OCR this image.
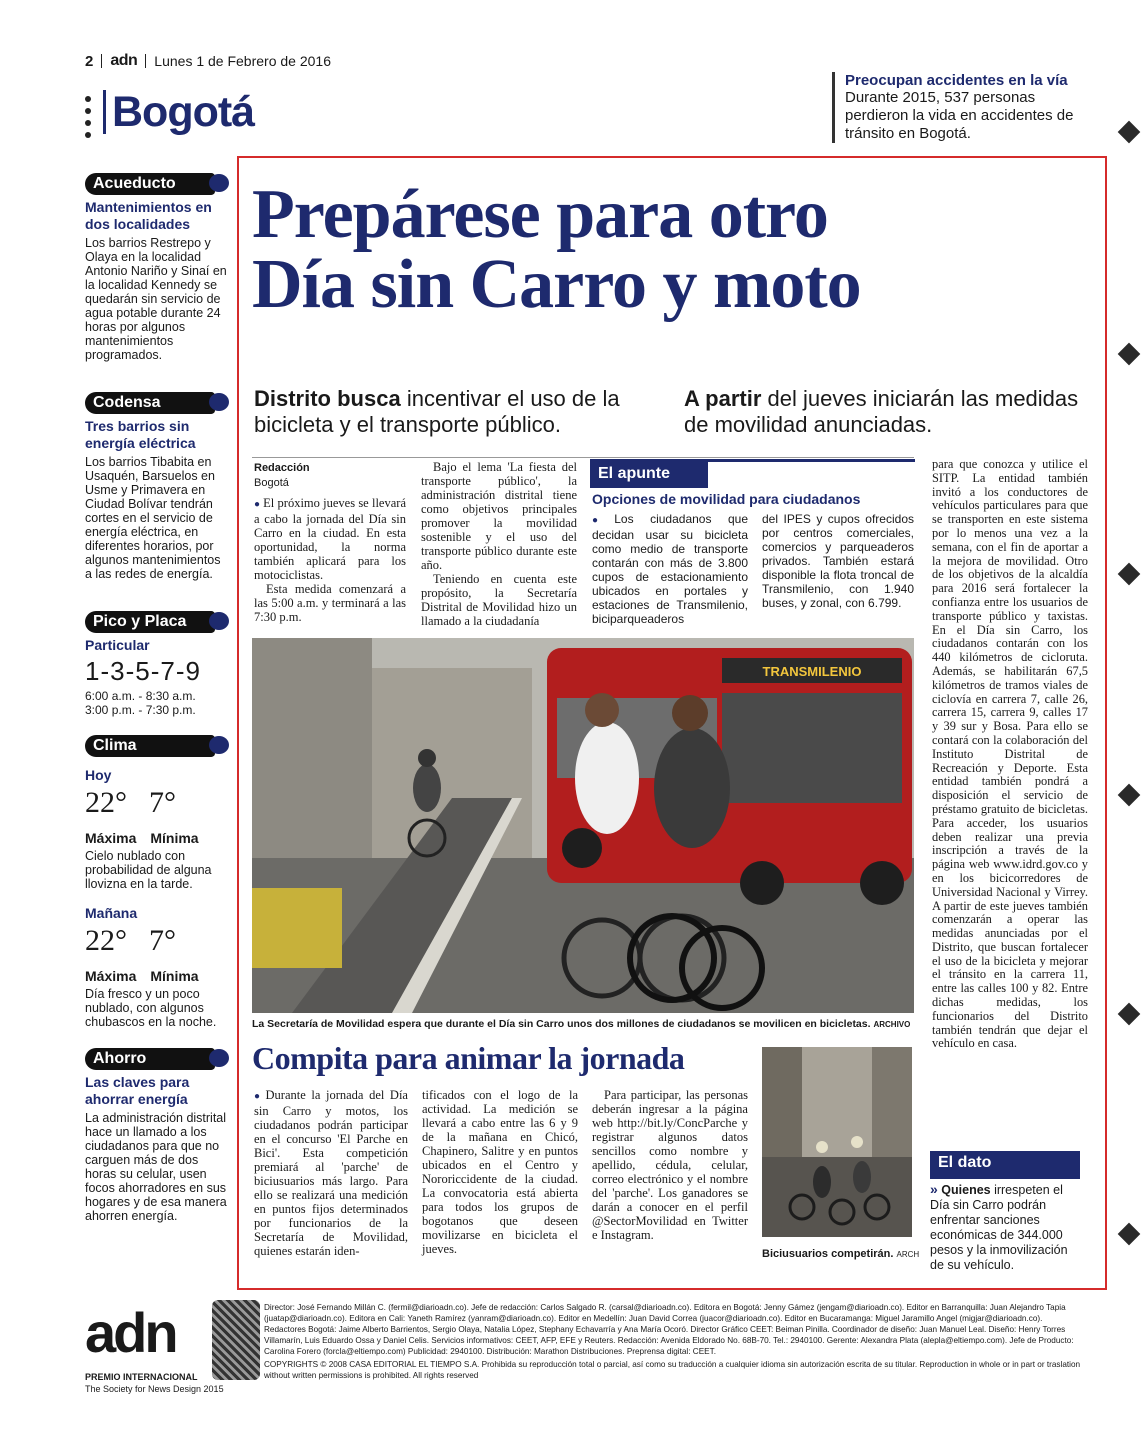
2 adn Lunes 1 de Febrero de 2016
Bogotá
Preocupan accidentes en la vía
Durante 2015, 537 personas perdieron la vida en accidentes de tránsito en Bogotá.
Acueducto
Mantenimientos en dos localidades

Los barrios Restrepo y Olaya en la localidad Antonio Nariño y Sinaí en la localidad Kennedy se quedarán sin servicio de agua potable durante 24 horas por algunos mantenimientos programados.

Codensa
Tres barrios sin energía eléctrica

Los barrios Tibabita en Usaquén, Barsuelos en Usme y Primavera en Ciudad Bolívar tendrán cortes en el servicio de energía eléctrica, en diferentes horarios, por algunos mantenimientos a las redes de energía.

Pico y Placa
Particular
1-3-5-7-9

6:00 a.m. - 8:30 a.m.

3:00 p.m. - 7:30 p.m.

Clima
Hoy
22° 7°
Máxima Mínima

Cielo nublado con probabilidad de alguna llovizna en la tarde.

Mañana
22° 7°
Máxima Mínima

Día fresco y un poco nublado, con algunos chubascos en la noche.

Ahorro
Las claves para ahorrar energía

La administración distrital hace un llamado a los ciudadanos para que no carguen más de dos horas su celular, usen focos ahorradores en sus hogares y de esa manera ahorren energía.

Prepárese para otro
Día sin Carro y moto
Distrito busca incentivar el uso de la bicicleta y el transporte público.
A partir del jueves iniciarán las medidas de movilidad anunciadas.
Redacción
Bogotá

● El próximo jueves se llevará a cabo la jornada del Día sin Carro en la ciudad. En esta oportunidad, la norma también aplicará para los motociclistas.

Esta medida comenzará a las 5:00 a.m. y terminará a las 7:30 p.m.

Bajo el lema 'La fiesta del transporte público', la administración distrital tiene como objetivos principales promover la movilidad sostenible y el uso del transporte público durante este año.

Teniendo en cuenta este propósito, la Secretaría Distrital de Movilidad hizo un llamado a la ciudadanía

El apunte
Opciones de movilidad para ciudadanos

● Los ciudadanos que decidan usar su bicicleta como medio de transporte contarán con más de 3.800 cupos de estacionamiento ubicados en portales y estaciones de Transmilenio, biciparqueaderos

del IPES y cupos ofrecidos por centros comerciales, comercios y parqueaderos privados. También estará disponible la flota troncal de Transmilenio, con 1.940 buses, y zonal, con 6.799.

para que conozca y utilice el SITP. La entidad también invitó a los conductores de vehículos particulares para que se transporten en este sistema por lo menos una vez a la semana, con el fin de aportar a la mejora de movilidad. Otro de los objetivos de la alcaldía para 2016 será fortalecer la confianza entre los usuarios de transporte público y taxistas. En el Día sin Carro, los ciudadanos contarán con los 440 kilómetros de cicloruta. Además, se habilitarán 67,5 kilómetros de tramos viales de ciclovía en carrera 7, calle 26, carrera 15, carrera 9, calles 17 y 39 sur y Bosa. Para ello se contará con la colaboración del Instituto Distrital de Recreación y Deporte. Esta entidad también pondrá a disposición el servicio de préstamo gratuito de bicicletas. Para acceder, los usuarios deben realizar una previa inscripción a través de la página web www.idrd.gov.co y en los bicicorredores de Universidad Nacional y Virrey. A partir de este jueves también comenzarán a operar las medidas anunciadas por el Distrito, que buscan fortalecer el uso de la bicicleta y mejorar el tránsito en la carrera 11, entre las calles 100 y 82. Entre dichas medidas, los funcionarios del Distrito también tendrán que dejar el vehículo en casa.

TRANSMILENIO
La Secretaría de Movilidad espera que durante el Día sin Carro unos dos millones de ciudadanos se movilicen en bicicletas. ARCHIVO
Compita para animar la jornada

● Durante la jornada del Día sin Carro y motos, los ciudadanos podrán participar en el concurso 'El Parche en Bici'. Esta competición premiará al 'parche' de biciusuarios más largo. Para ello se realizará una medición en puntos fijos determinados por funcionarios de la Secretaría de Movilidad, quienes estarán iden-

tificados con el logo de la actividad. La medición se llevará a cabo entre las 6 y 9 de la mañana en Chicó, Chapinero, Salitre y en puntos ubicados en el Centro y Nororiccidente de la ciudad. La convocatoria está abierta para todos los grupos de bogotanos que deseen movilizarse en bicicleta el jueves.

Para participar, las personas deberán ingresar a la página web http://bit.ly/ConcParche y registrar algunos datos sencillos como nombre y apellido, cédula, celular, correo electrónico y el nombre del 'parche'. Los ganadores se darán a conocer en el perfil @SectorMovilidad en Twitter e Instagram.

Biciusuarios competirán. ARCH
El dato
» Quienes irrespeten el Día sin Carro podrán enfrentar sanciones económicas de 344.000 pesos y la inmovilización de su vehículo.
adn
PREMIO INTERNACIONAL
The Society for News Design 2015

Director: José Fernando Millán C. (fermil@diarioadn.co). Jefe de redacción: Carlos Salgado R. (carsal@diarioadn.co). Editora en Bogotá: Jenny Gámez (jengam@diarioadn.co). Editor en Barranquilla: Juan Alejandro Tapia (juatap@diarioadn.co). Editora en Cali: Yaneth Ramírez (yanram@diarioadn.co). Editor en Medellín: Juan David Correa (juacor@diarioadn.co). Editor en Bucaramanga: Miguel Jaramillo Angel (migjar@diarioadn.co). Redactores Bogotá: Jaime Alberto Barrientos, Sergio Olaya, Natalia López, Stephany Echavarría y Ana María Ocoró. Director Gráfico CEET: Beiman Pinilla. Coordinador de diseño: Juan Manuel Leal. Diseño: Henry Torres Villamarín, Luis Eduardo Ossa y Daniel Celis. Servicios informativos: CEET, AFP, EFE y Reuters. Redacción: Avenida Eldorado No. 68B-70. Tel.: 2940100. Gerente: Alexandra Plata (alepla@eltiempo.com). Jefe de Producto: Carolina Forero (forcla@eltiempo.com) Publicidad: 2940100. Distribución: Marathon Distribuciones. Preprensa digital: CEET.

COPYRIGHTS © 2008 CASA EDITORIAL EL TIEMPO S.A. Prohibida su reproducción total o parcial, así como su traducción a cualquier idioma sin autorización escrita de su titular. Reproduction in whole or in part or traslation without written permissions is prohibited. All rights reserved
